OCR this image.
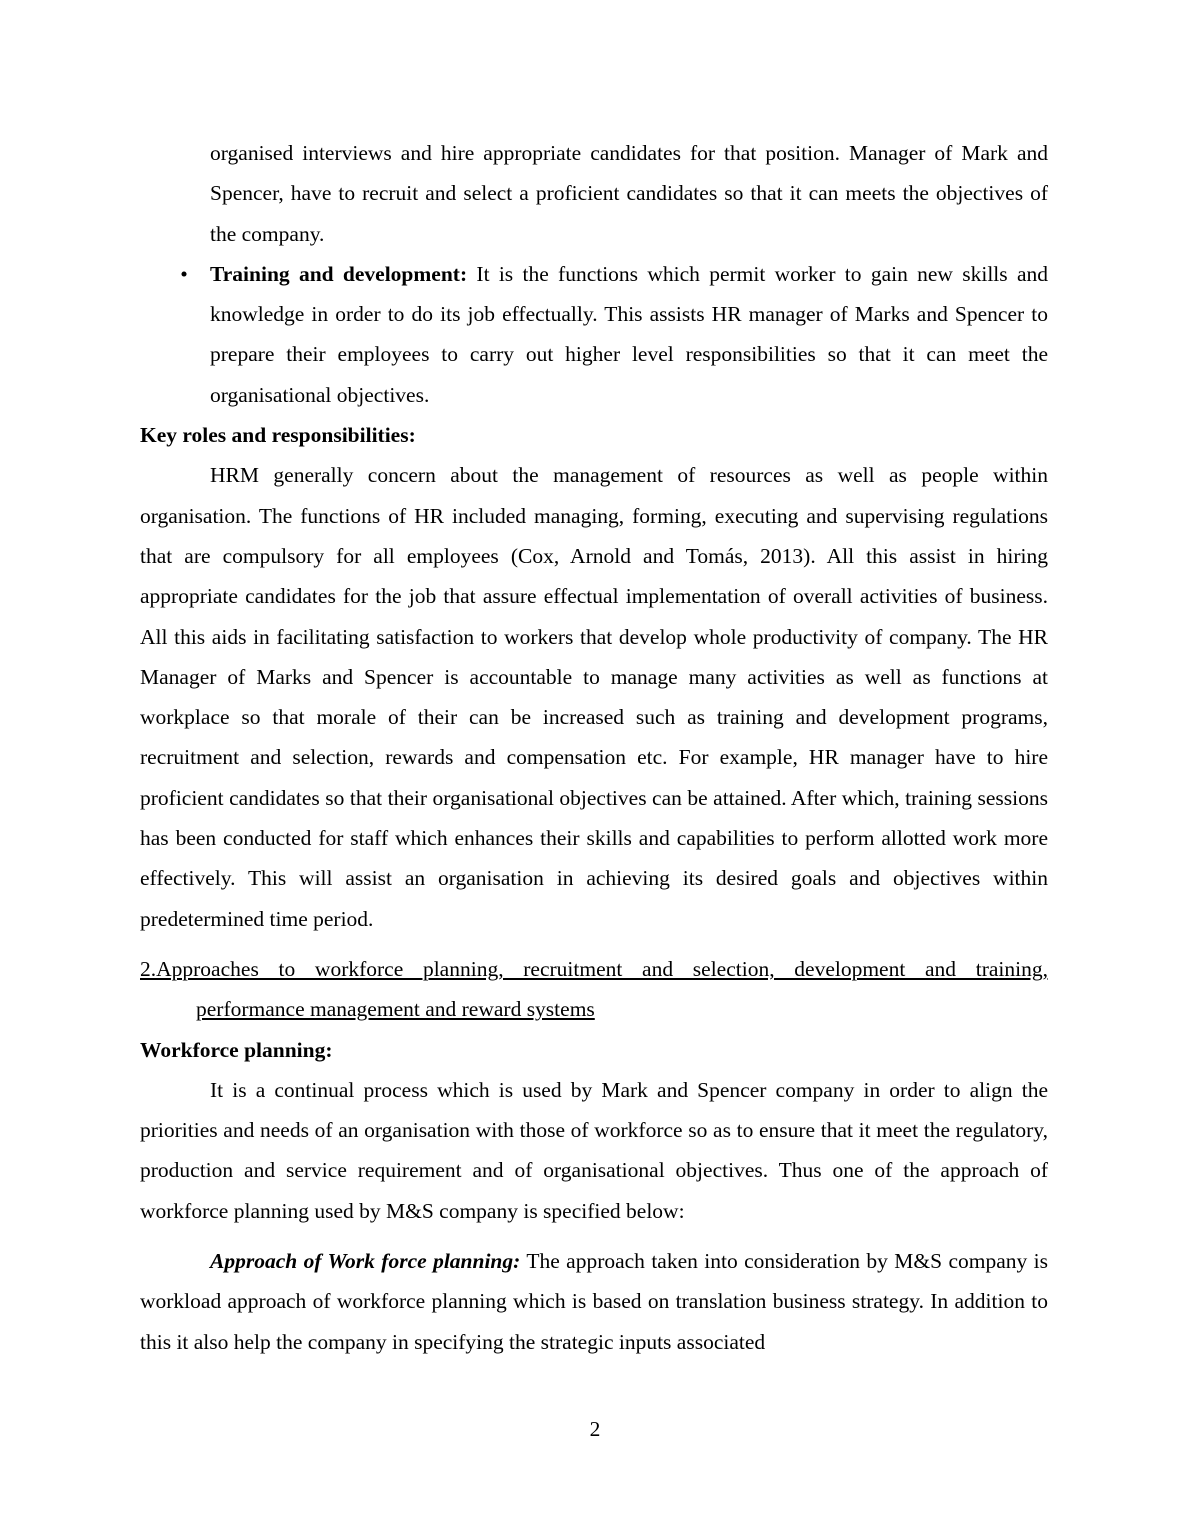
organised interviews and hire appropriate candidates for that position. Manager of Mark and Spencer, have to recruit and select a proficient candidates so that it can meets the objectives of the company.

• Training and development: It is the functions which permit worker to gain new skills and knowledge in order to do its job effectually. This assists HR manager of Marks and Spencer to prepare their employees to carry out higher level responsibilities so that it can meet the organisational objectives.

Key roles and responsibilities:

HRM generally concern about the management of resources as well as people within organisation. The functions of HR included managing, forming, executing and supervising regulations that are compulsory for all employees (Cox, Arnold and Tomás, 2013). All this assist in hiring appropriate candidates for the job that assure effectual implementation of overall activities of business. All this aids in facilitating satisfaction to workers that develop whole productivity of company. The HR Manager of Marks and Spencer is accountable to manage many activities as well as functions at workplace so that morale of their can be increased such as training and development programs, recruitment and selection, rewards and compensation etc. For example, HR manager have to hire proficient candidates so that their organisational objectives can be attained. After which, training sessions has been conducted for staff which enhances their skills and capabilities to perform allotted work more effectively. This will assist an organisation in achieving its desired goals and objectives within predetermined time period.

2.Approaches to workforce planning, recruitment and selection, development and training,
performance management and reward systems

Workforce planning:

It is a continual process which is used by Mark and Spencer company in order to align the priorities and needs of an organisation with those of workforce so as to ensure that it meet the regulatory, production and service requirement and of organisational objectives. Thus one of the approach of workforce planning used by M&S company is specified below:

Approach of Work force planning: The approach taken into consideration by M&S company is workload approach of workforce planning which is based on translation business strategy. In addition to this it also help the company in specifying the strategic inputs associated

2
